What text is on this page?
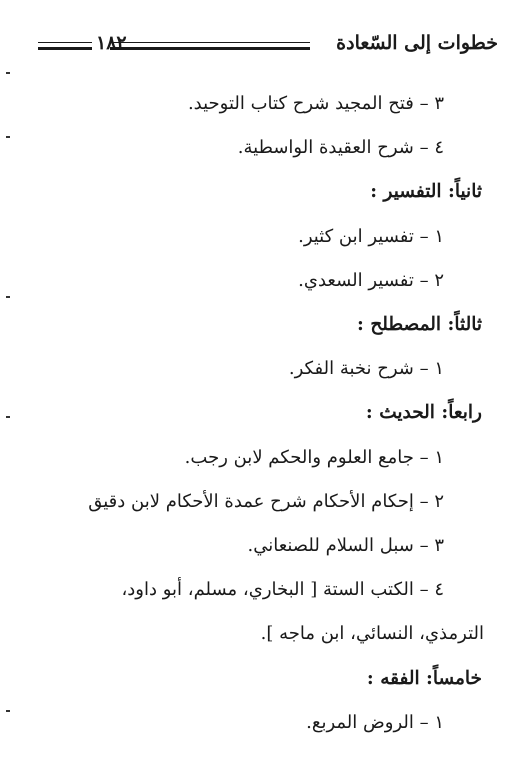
خطوات إلى السّعادة
١٨٢
٣ – فتح المجيد شرح كتاب التوحيد.
٤ – شرح العقيدة الواسطية.
ثانياً: التفسير :
١ – تفسير ابن كثير.
٢ – تفسير السعدي.
ثالثاً: المصطلح :
١ – شرح نخبة الفكر.
رابعاً: الحديث :
١ – جامع العلوم والحكم لابن رجب.
٢ – إحكام الأحكام شرح عمدة الأحكام لابن دقيق
٣ – سبل السلام للصنعاني.
٤ – الكتب الستة [ البخاري، مسلم، أبو داود،
الترمذي، النسائي، ابن ماجه ].
خامساً: الفقه :
١ – الروض المربع.
